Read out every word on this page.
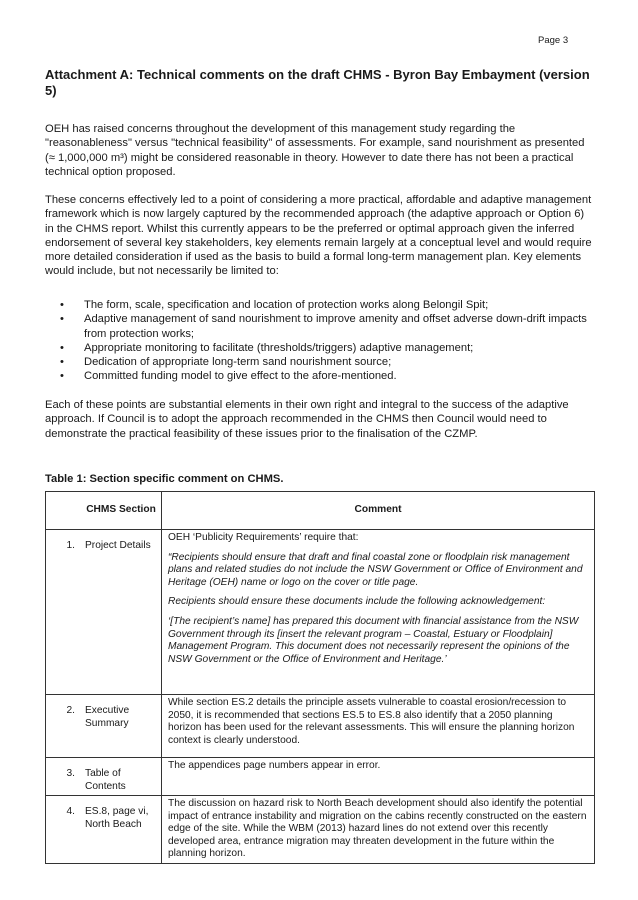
Page 3
Attachment A: Technical comments on the draft CHMS - Byron Bay Embayment (version 5)

OEH has raised concerns throughout the development of this management study regarding the "reasonableness" versus "technical feasibility" of assessments. For example, sand nourishment as presented (≈ 1,000,000 m³) might be considered reasonable in theory. However to date there has not been a practical technical option proposed.

These concerns effectively led to a point of considering a more practical, affordable and adaptive management framework which is now largely captured by the recommended approach (the adaptive approach or Option 6) in the CHMS report. Whilst this currently appears to be the preferred or optimal approach given the inferred endorsement of several key stakeholders, key elements remain largely at a conceptual level and would require more detailed consideration if used as the basis to build a formal long-term management plan. Key elements would include, but not necessarily be limited to:

• The form, scale, specification and location of protection works along Belongil Spit;
• Adaptive management of sand nourishment to improve amenity and offset adverse down-drift impacts from protection works;
• Appropriate monitoring to facilitate (thresholds/triggers) adaptive management;
• Dedication of appropriate long-term sand nourishment source;
• Committed funding model to give effect to the afore-mentioned.

Each of these points are substantial elements in their own right and integral to the success of the adaptive approach. If Council is to adopt the approach recommended in the CHMS then Council would need to demonstrate the practical feasibility of these issues prior to the finalisation of the CZMP.

Table 1: Section specific comment on CHMS.

	CHMS Section	Comment
1.	Project Details	OEH ‘Publicity Requirements’ require that:

“Recipients should ensure that draft and final coastal zone or floodplain risk management plans and related studies do not include the NSW Government or Office of Environment and Heritage (OEH) name or logo on the cover or title page.

Recipients should ensure these documents include the following acknowledgement:

‘[The recipient’s name] has prepared this document with financial assistance from the NSW Government through its [insert the relevant program – Coastal, Estuary or Floodplain] Management Program. This document does not necessarily represent the opinions of the NSW Government or the Office of Environment and Heritage.’

2.	Executive Summary	While section ES.2 details the principle assets vulnerable to coastal erosion/recession to 2050, it is recommended that sections ES.5 to ES.8 also identify that a 2050 planning horizon has been used for the relevant assessments. This will ensure the planning horizon context is clearly understood.
3.	Table of Contents	The appendices page numbers appear in error.
4.	ES.8, page vi, North Beach	The discussion on hazard risk to North Beach development should also identify the potential impact of entrance instability and migration on the cabins recently constructed on the eastern edge of the site. While the WBM (2013) hazard lines do not extend over this recently developed area, entrance migration may threaten development in the future within the planning horizon.
